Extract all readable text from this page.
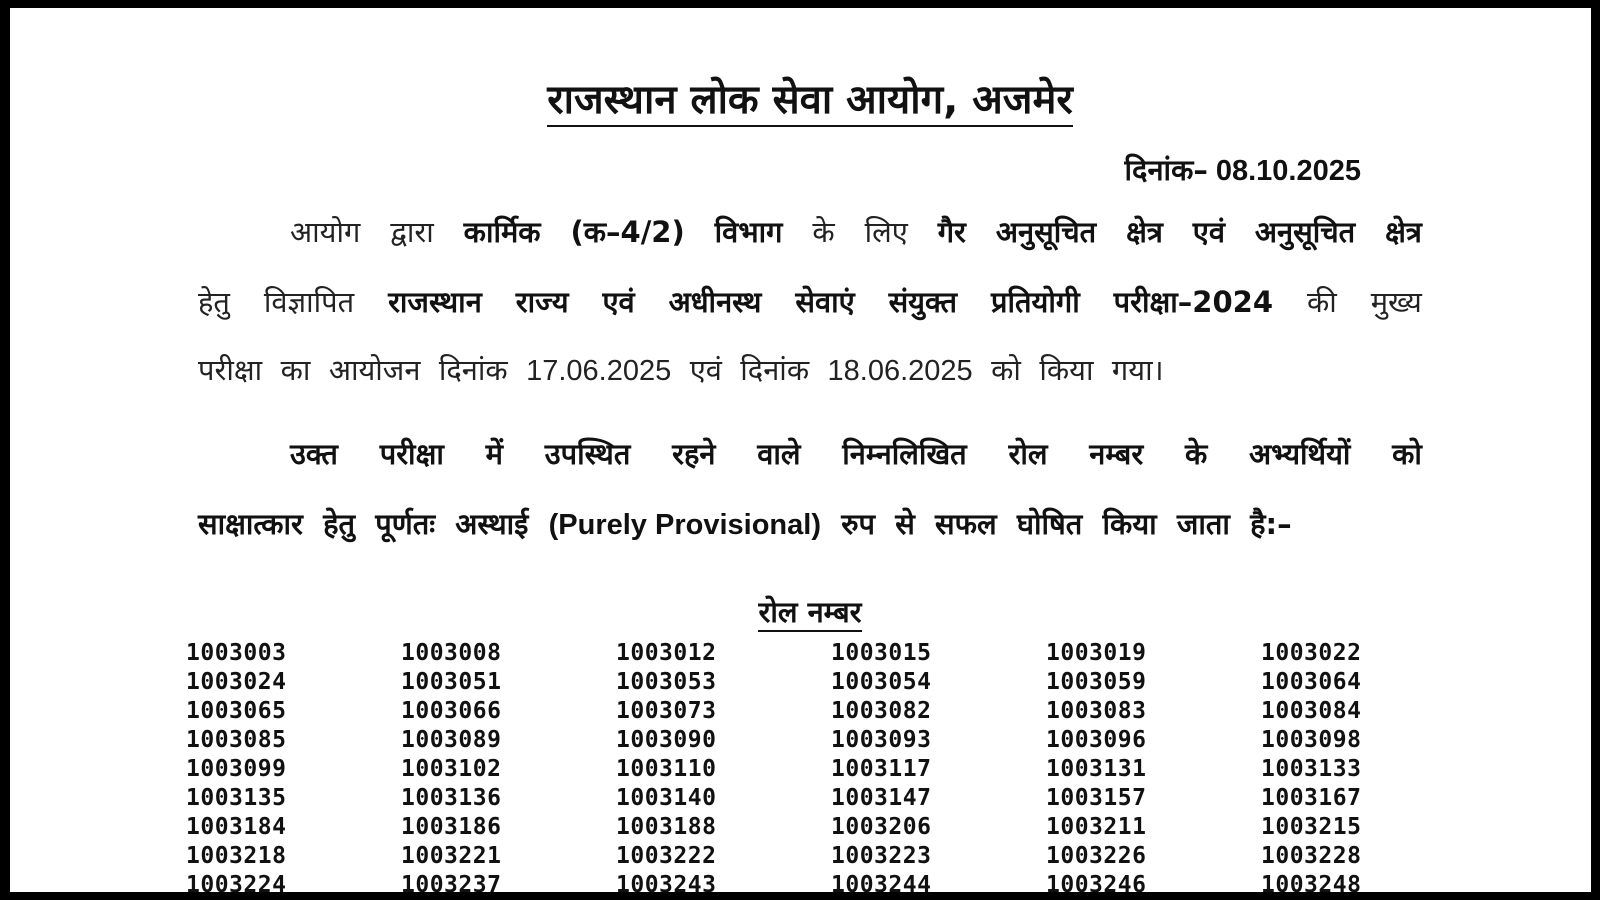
राजस्थान लोक सेवा आयोग, अजमेर
दिनांक– 08.10.2025
आयोग द्वारा कार्मिक (क–4/2) विभाग के लिए गैर अनुसूचित क्षेत्र एवं अनुसूचित क्षेत्र
हेतु विज्ञापित राजस्थान राज्य एवं अधीनस्थ सेवाएं संयुक्त प्रतियोगी परीक्षा–2024 की मुख्य
परीक्षा का आयोजन दिनांक 17.06.2025 एवं दिनांक 18.06.2025 को किया गया।
उक्त परीक्षा में उपस्थित रहने वाले निम्नलिखित रोल नम्बर के अभ्यर्थियों को
साक्षात्कार हेतु पूर्णतः अस्थाई (Purely Provisional) रुप से सफल घोषित किया जाता है:–
रोल नम्बर
1003003	1003008	1003012	1003015	1003019	1003022
1003024	1003051	1003053	1003054	1003059	1003064
1003065	1003066	1003073	1003082	1003083	1003084
1003085	1003089	1003090	1003093	1003096	1003098
1003099	1003102	1003110	1003117	1003131	1003133
1003135	1003136	1003140	1003147	1003157	1003167
1003184	1003186	1003188	1003206	1003211	1003215
1003218	1003221	1003222	1003223	1003226	1003228
1003224	1003237	1003243	1003244	1003246	1003248
